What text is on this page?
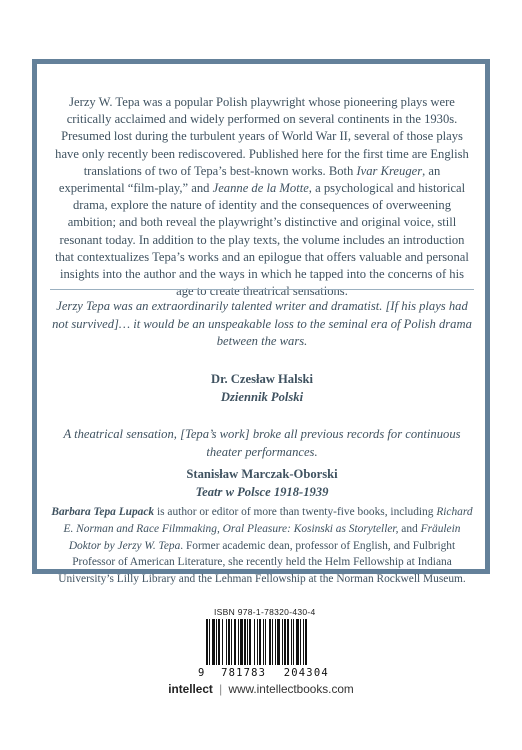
Jerzy W. Tepa was a popular Polish playwright whose pioneering plays were critically acclaimed and widely performed on several continents in the 1930s. Presumed lost during the turbulent years of World War II, several of those plays have only recently been rediscovered. Published here for the first time are English translations of two of Tepa’s best-known works. Both Ivar Kreuger, an experimental “film-play,” and Jeanne de la Motte, a psychological and historical drama, explore the nature of identity and the consequences of overweening ambition; and both reveal the playwright’s distinctive and original voice, still resonant today. In addition to the play texts, the volume includes an introduction that contextualizes Tepa’s works and an epilogue that offers valuable and personal insights into the author and the ways in which he tapped into the concerns of his age to create theatrical sensations.

Jerzy Tepa was an extraordinarily talented writer and dramatist. [If his plays had not survived]… it would be an unspeakable loss to the seminal era of Polish drama between the wars.

Dr. Czesław Halski
Dziennik Polski

A theatrical sensation, [Tepa’s work] broke all previous records for continuous theater performances.

Stanisław Marczak-Oborski
Teatr w Polsce 1918-1939

Barbara Tepa Lupack is author or editor of more than twenty-five books, including Richard E. Norman and Race Filmmaking, Oral Pleasure: Kosinski as Storyteller, and Fräulein Doktor by Jerzy W. Tepa. Former academic dean, professor of English, and Fulbright Professor of American Literature, she recently held the Helm Fellowship at Indiana University’s Lilly Library and the Lehman Fellowship at the Norman Rockwell Museum.

ISBN 978-1-78320-430-4
9 781783 204304
intellect | www.intellectbooks.com
